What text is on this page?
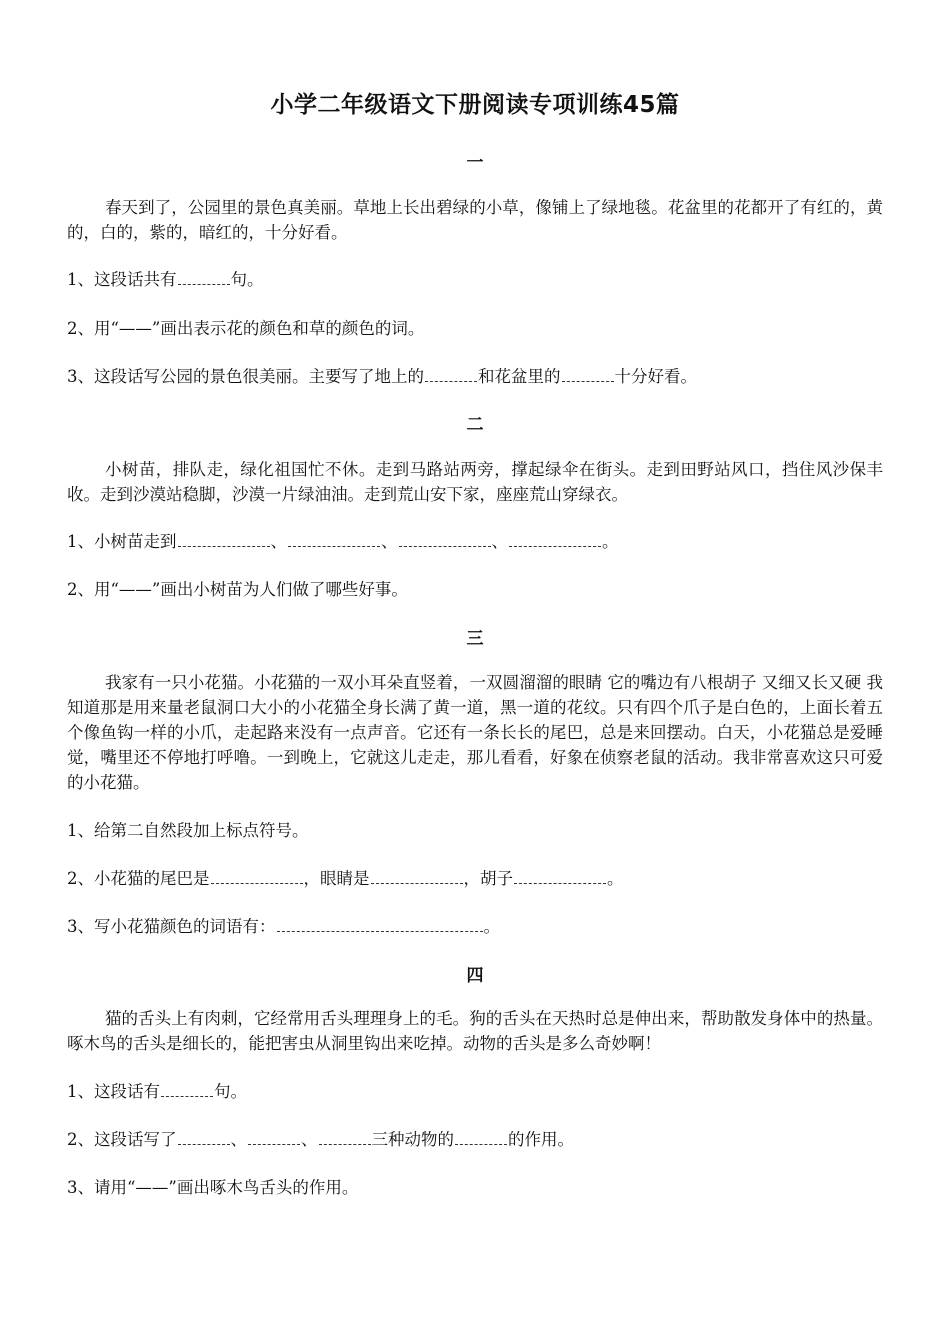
小学二年级语文下册阅读专项训练45篇
一
春天到了，公园里的景色真美丽。草地上长出碧绿的小草，像铺上了绿地毯。花盆里的花都开了有红的，黄的，白的，紫的，暗红的，十分好看。
1、这段话共有	句。
2、用“——”画出表示花的颜色和草的颜色的词。
3、这段话写公园的景色很美丽。主要写了地上的	和花盆里的	十分好看。
二
小树苗，排队走，绿化祖国忙不休。走到马路站两旁，撑起绿伞在街头。走到田野站风口，挡住风沙保丰收。走到沙漠站稳脚，沙漠一片绿油油。走到荒山安下家，座座荒山穿绿衣。
1、小树苗走到	、	、	、	。
2、用“——”画出小树苗为人们做了哪些好事。
三
我家有一只小花猫。小花猫的一双小耳朵直竖着，一双圆溜溜的眼睛 它的嘴边有八根胡子 又细又长又硬 我知道那是用来量老鼠洞口大小的小花猫全身长满了黄一道，黑一道的花纹。只有四个爪子是白色的，上面长着五个像鱼钩一样的小爪，走起路来没有一点声音。它还有一条长长的尾巴，总是来回摆动。白天，小花猫总是爱睡觉，嘴里还不停地打呼噜。一到晚上，它就这儿走走，那儿看看，好象在侦察老鼠的活动。我非常喜欢这只可爱的小花猫。
1、给第二自然段加上标点符号。
2、小花猫的尾巴是	，眼睛是	，胡子	。
3、写小花猫颜色的词语有：	。
四
猫的舌头上有肉刺，它经常用舌头理理身上的毛。狗的舌头在天热时总是伸出来，帮助散发身体中的热量。啄木鸟的舌头是细长的，能把害虫从洞里钩出来吃掉。动物的舌头是多么奇妙啊！
1、这段话有	句。
2、这段话写了	、	、	三种动物的	的作用。
3、请用“——”画出啄木鸟舌头的作用。
